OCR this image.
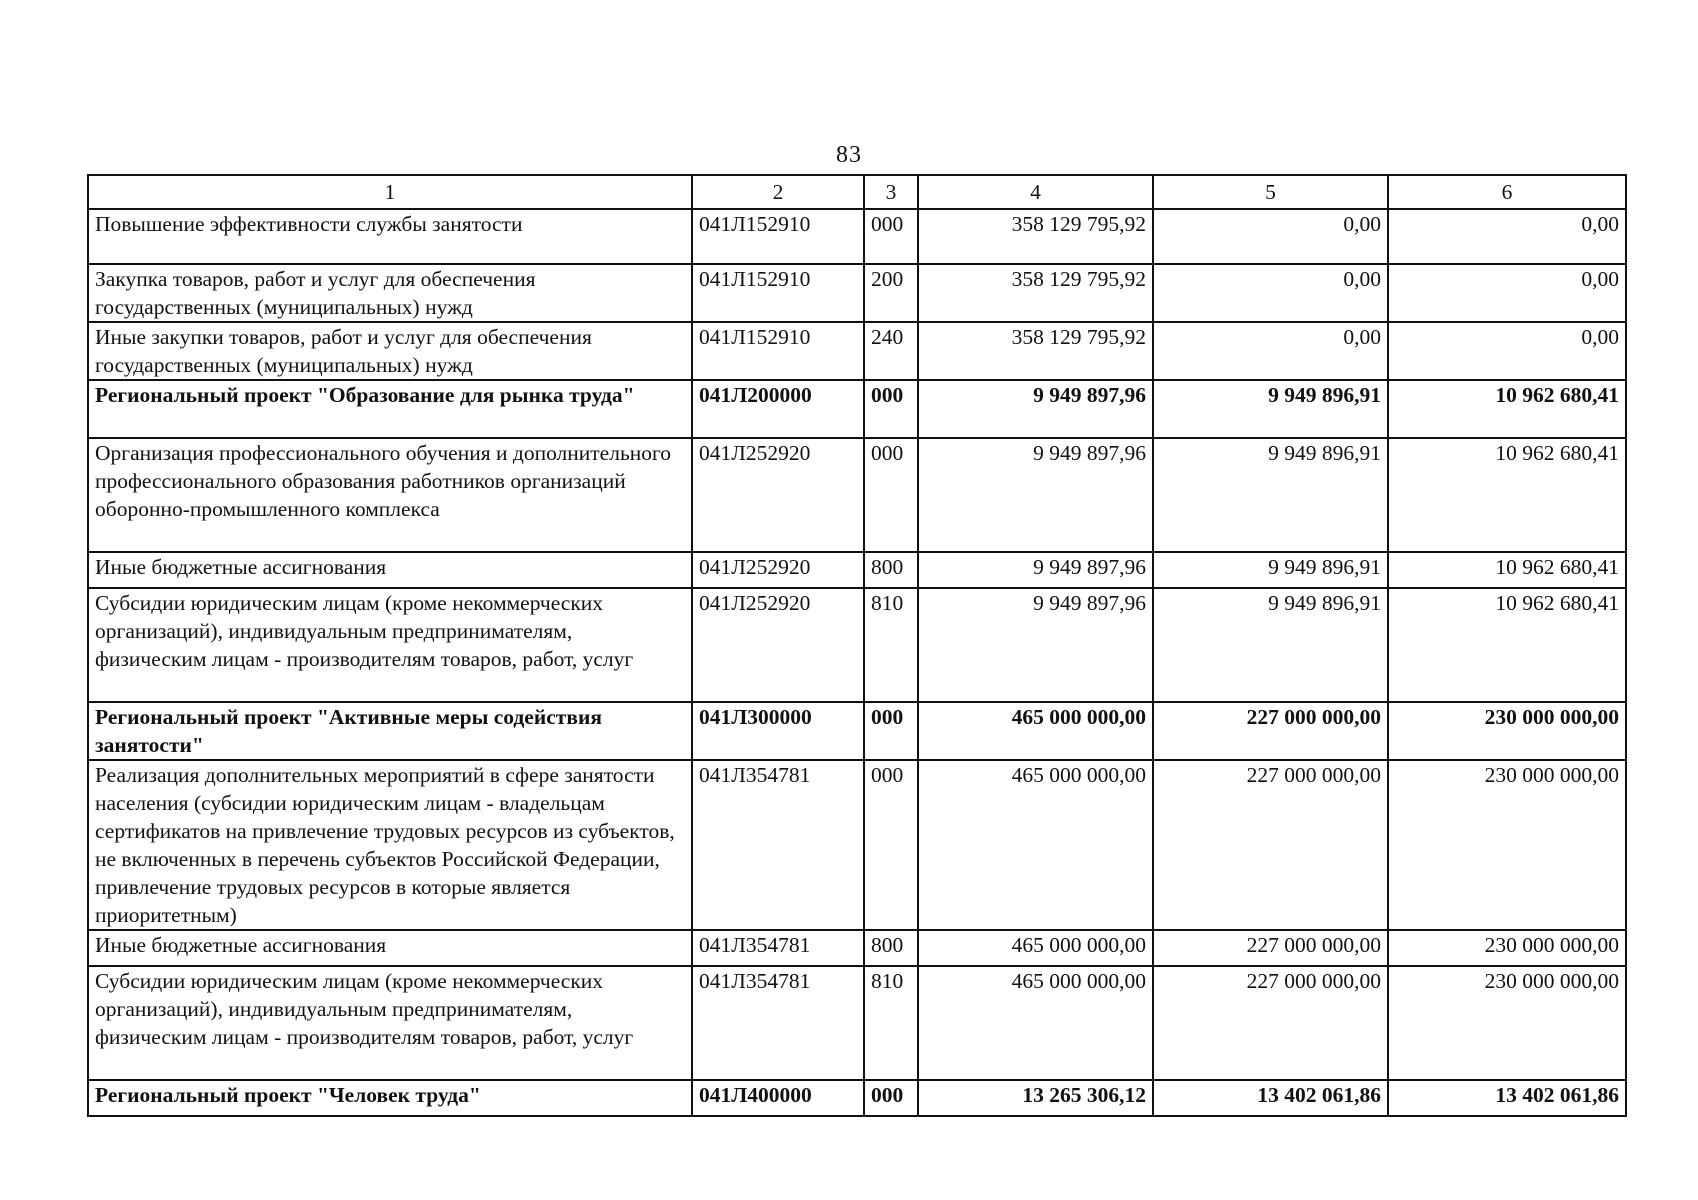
83
1	2	3	4	5	6
Повышение эффективности службы занятости	041Л152910	000	358 129 795,92	0,00	0,00
Закупка товаров, работ и услуг для обеспечения государственных (муниципальных) нужд	041Л152910	200	358 129 795,92	0,00	0,00
Иные закупки товаров, работ и услуг для обеспечения государственных (муниципальных) нужд	041Л152910	240	358 129 795,92	0,00	0,00
Региональный проект "Образование для рынка труда"	041Л200000	000	9 949 897,96	9 949 896,91	10 962 680,41
Организация профессионального обучения и дополнительного профессионального образования работников организаций оборонно-промышленного комплекса	041Л252920	000	9 949 897,96	9 949 896,91	10 962 680,41
Иные бюджетные ассигнования	041Л252920	800	9 949 897,96	9 949 896,91	10 962 680,41
Субсидии юридическим лицам (кроме некоммерческих организаций), индивидуальным предпринимателям, физическим лицам - производителям товаров, работ, услуг	041Л252920	810	9 949 897,96	9 949 896,91	10 962 680,41
Региональный проект "Активные меры содействия занятости"	041Л300000	000	465 000 000,00	227 000 000,00	230 000 000,00
Реализация дополнительных мероприятий в сфере занятости населения (субсидии юридическим лицам - владельцам сертификатов на привлечение трудовых ресурсов из субъектов, не включенных в перечень субъектов Российской Федерации, привлечение трудовых ресурсов в которые является приоритетным)	041Л354781	000	465 000 000,00	227 000 000,00	230 000 000,00
Иные бюджетные ассигнования	041Л354781	800	465 000 000,00	227 000 000,00	230 000 000,00
Субсидии юридическим лицам (кроме некоммерческих организаций), индивидуальным предпринимателям, физическим лицам - производителям товаров, работ, услуг	041Л354781	810	465 000 000,00	227 000 000,00	230 000 000,00
Региональный проект "Человек труда"	041Л400000	000	13 265 306,12	13 402 061,86	13 402 061,86
